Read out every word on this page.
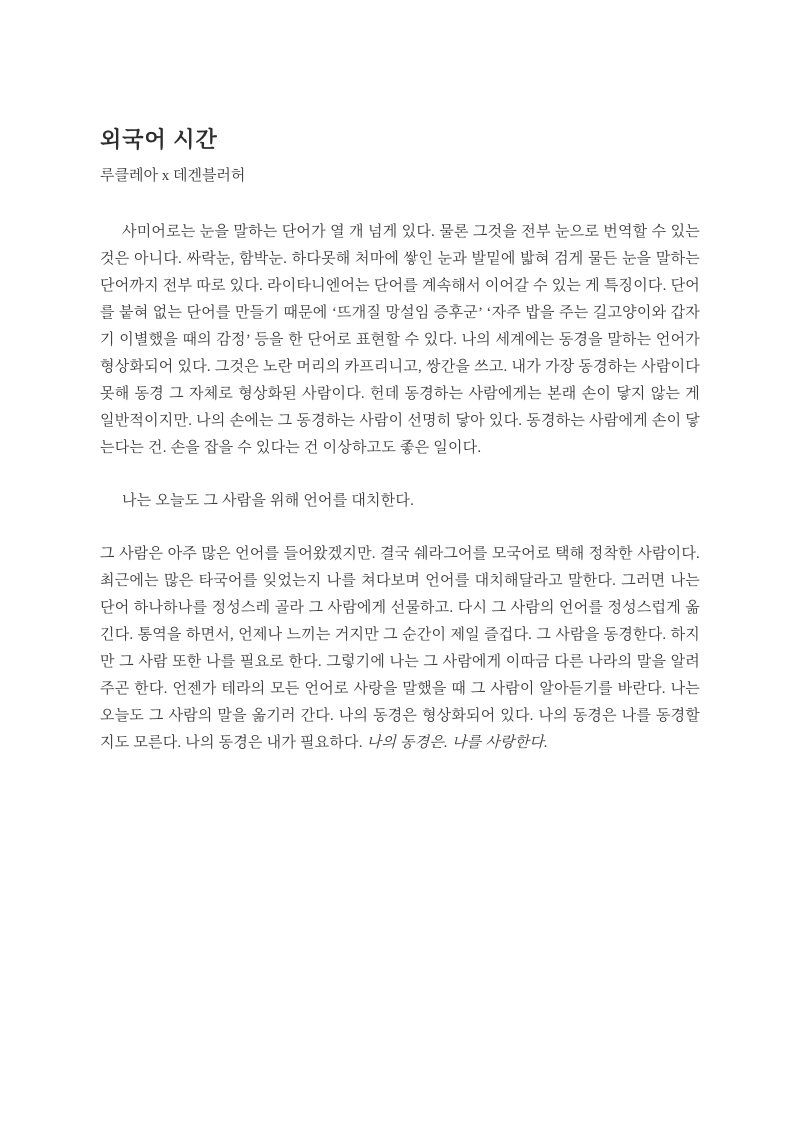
외국어 시간

루클레아 x 데겐블러허

사미어로는 눈을 말하는 단어가 열 개 넘게 있다. 물론 그것을 전부 눈으로 번역할 수 있는 것은 아니다. 싸락눈, 함박눈. 하다못해 처마에 쌓인 눈과 발밑에 밟혀 검게 물든 눈을 말하는 단어까지 전부 따로 있다. 라이타니엔어는 단어를 계속해서 이어갈 수 있는 게 특징이다. 단어를 붙혀 없는 단어를 만들기 때문에 ‘뜨개질 망설임 증후군’ ‘자주 밥을 주는 길고양이와 갑자기 이별했을 때의 감정’ 등을 한 단어로 표현할 수 있다. 나의 세계에는 동경을 말하는 언어가 형상화되어 있다. 그것은 노란 머리의 카프리니고, 쌍간을 쓰고. 내가 가장 동경하는 사람이다 못해 동경 그 자체로 형상화된 사람이다. 헌데 동경하는 사람에게는 본래 손이 닿지 않는 게 일반적이지만. 나의 손에는 그 동경하는 사람이 선명히 닿아 있다. 동경하는 사람에게 손이 닿는다는 건. 손을 잡을 수 있다는 건 이상하고도 좋은 일이다.

나는 오늘도 그 사람을 위해 언어를 대치한다.

그 사람은 아주 많은 언어를 들어왔겠지만. 결국 쉐라그어를 모국어로 택해 정착한 사람이다. 최근에는 많은 타국어를 잊었는지 나를 쳐다보며 언어를 대치해달라고 말한다. 그러면 나는 단어 하나하나를 정성스레 골라 그 사람에게 선물하고. 다시 그 사람의 언어를 정성스럽게 옮긴다. 통역을 하면서, 언제나 느끼는 거지만 그 순간이 제일 즐겁다. 그 사람을 동경한다. 하지만 그 사람 또한 나를 필요로 한다. 그렇기에 나는 그 사람에게 이따금 다른 나라의 말을 알려주곤 한다. 언젠가 테라의 모든 언어로 사랑을 말했을 때 그 사람이 알아듣기를 바란다. 나는 오늘도 그 사람의 말을 옮기러 간다. 나의 동경은 형상화되어 있다. 나의 동경은 나를 동경할지도 모른다. 나의 동경은 내가 필요하다. 나의 동경은. 나를 사랑한다.
